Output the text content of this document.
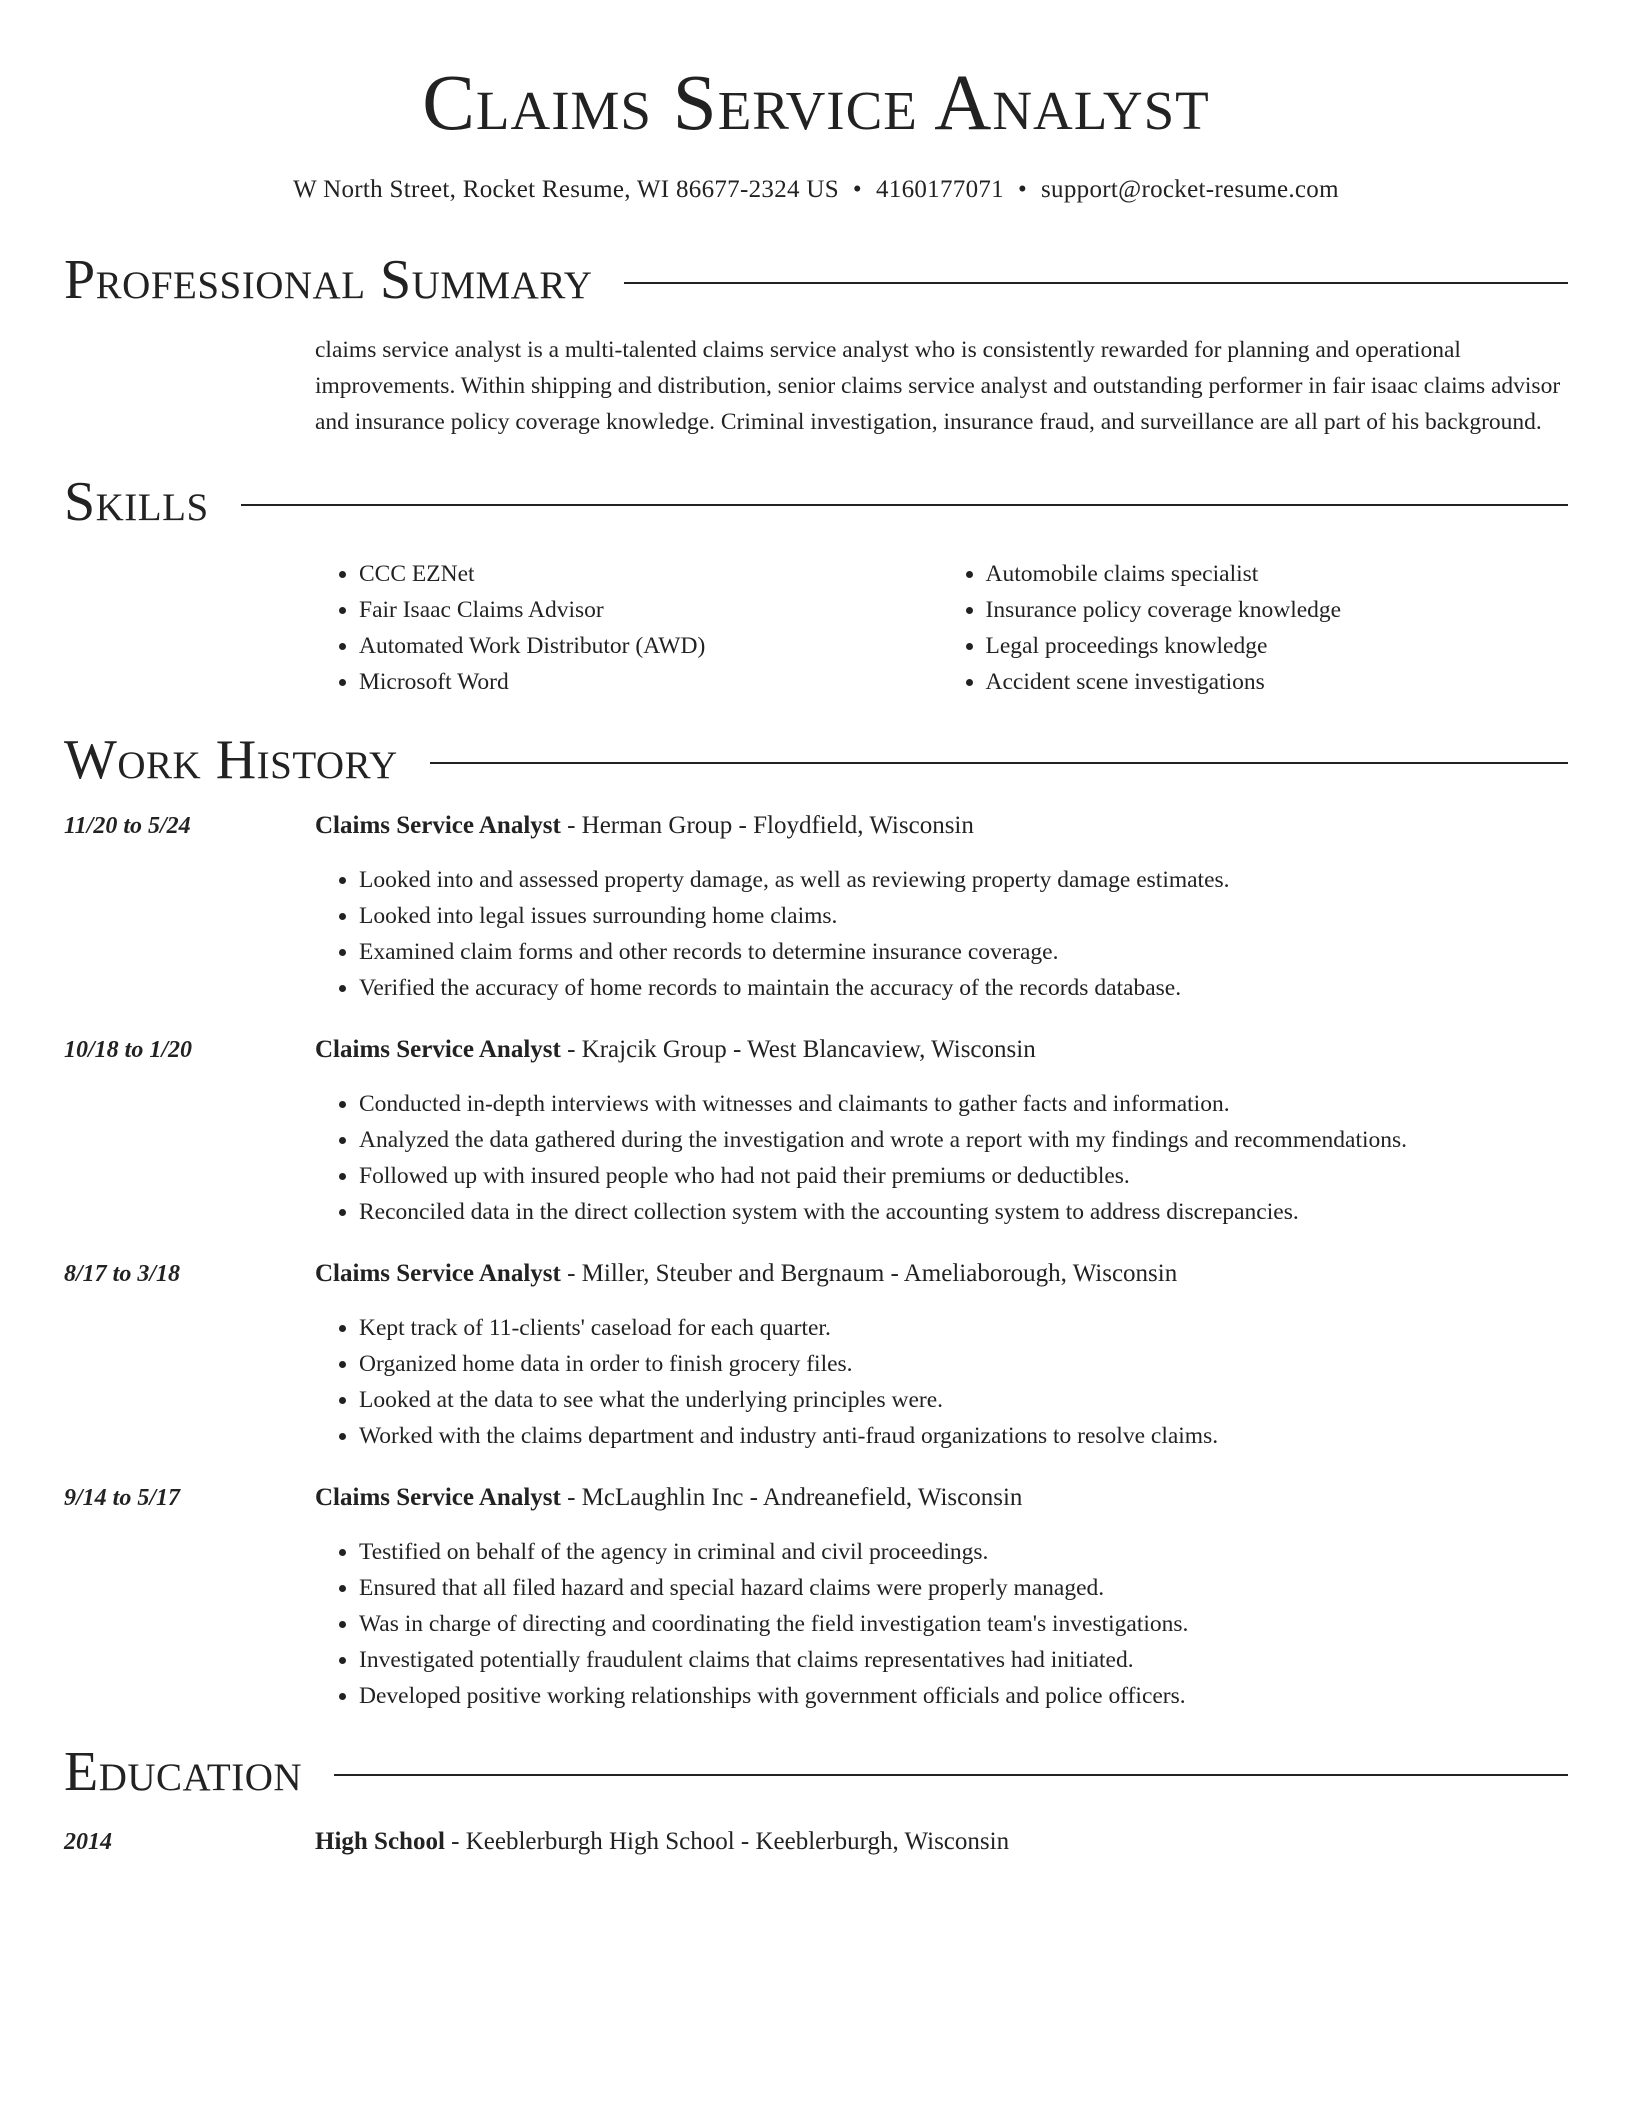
Claims Service Analyst
W North Street, Rocket Resume, WI 86677-2324 US • 4160177071 • support@rocket-resume.com
Professional Summary
claims service analyst is a multi-talented claims service analyst who is consistently rewarded for planning and operational improvements. Within shipping and distribution, senior claims service analyst and outstanding performer in fair isaac claims advisor and insurance policy coverage knowledge. Criminal investigation, insurance fraud, and surveillance are all part of his background.
Skills
• CCC EZNet
• Fair Isaac Claims Advisor
• Automated Work Distributor (AWD)
• Microsoft Word
• Automobile claims specialist
• Insurance policy coverage knowledge
• Legal proceedings knowledge
• Accident scene investigations
Work History
11/20 to 5/24	Claims Service Analyst - Herman Group - Floydfield, Wisconsin
• Looked into and assessed property damage, as well as reviewing property damage estimates.
• Looked into legal issues surrounding home claims.
• Examined claim forms and other records to determine insurance coverage.
• Verified the accuracy of home records to maintain the accuracy of the records database.
10/18 to 1/20	Claims Service Analyst - Krajcik Group - West Blancaview, Wisconsin
• Conducted in-depth interviews with witnesses and claimants to gather facts and information.
• Analyzed the data gathered during the investigation and wrote a report with my findings and recommendations.
• Followed up with insured people who had not paid their premiums or deductibles.
• Reconciled data in the direct collection system with the accounting system to address discrepancies.
8/17 to 3/18	Claims Service Analyst - Miller, Steuber and Bergnaum - Ameliaborough, Wisconsin
• Kept track of 11-clients' caseload for each quarter.
• Organized home data in order to finish grocery files.
• Looked at the data to see what the underlying principles were.
• Worked with the claims department and industry anti-fraud organizations to resolve claims.
9/14 to 5/17	Claims Service Analyst - McLaughlin Inc - Andreanefield, Wisconsin
• Testified on behalf of the agency in criminal and civil proceedings.
• Ensured that all filed hazard and special hazard claims were properly managed.
• Was in charge of directing and coordinating the field investigation team's investigations.
• Investigated potentially fraudulent claims that claims representatives had initiated.
• Developed positive working relationships with government officials and police officers.
Education
2014	High School - Keeblerburgh High School - Keeblerburgh, Wisconsin
